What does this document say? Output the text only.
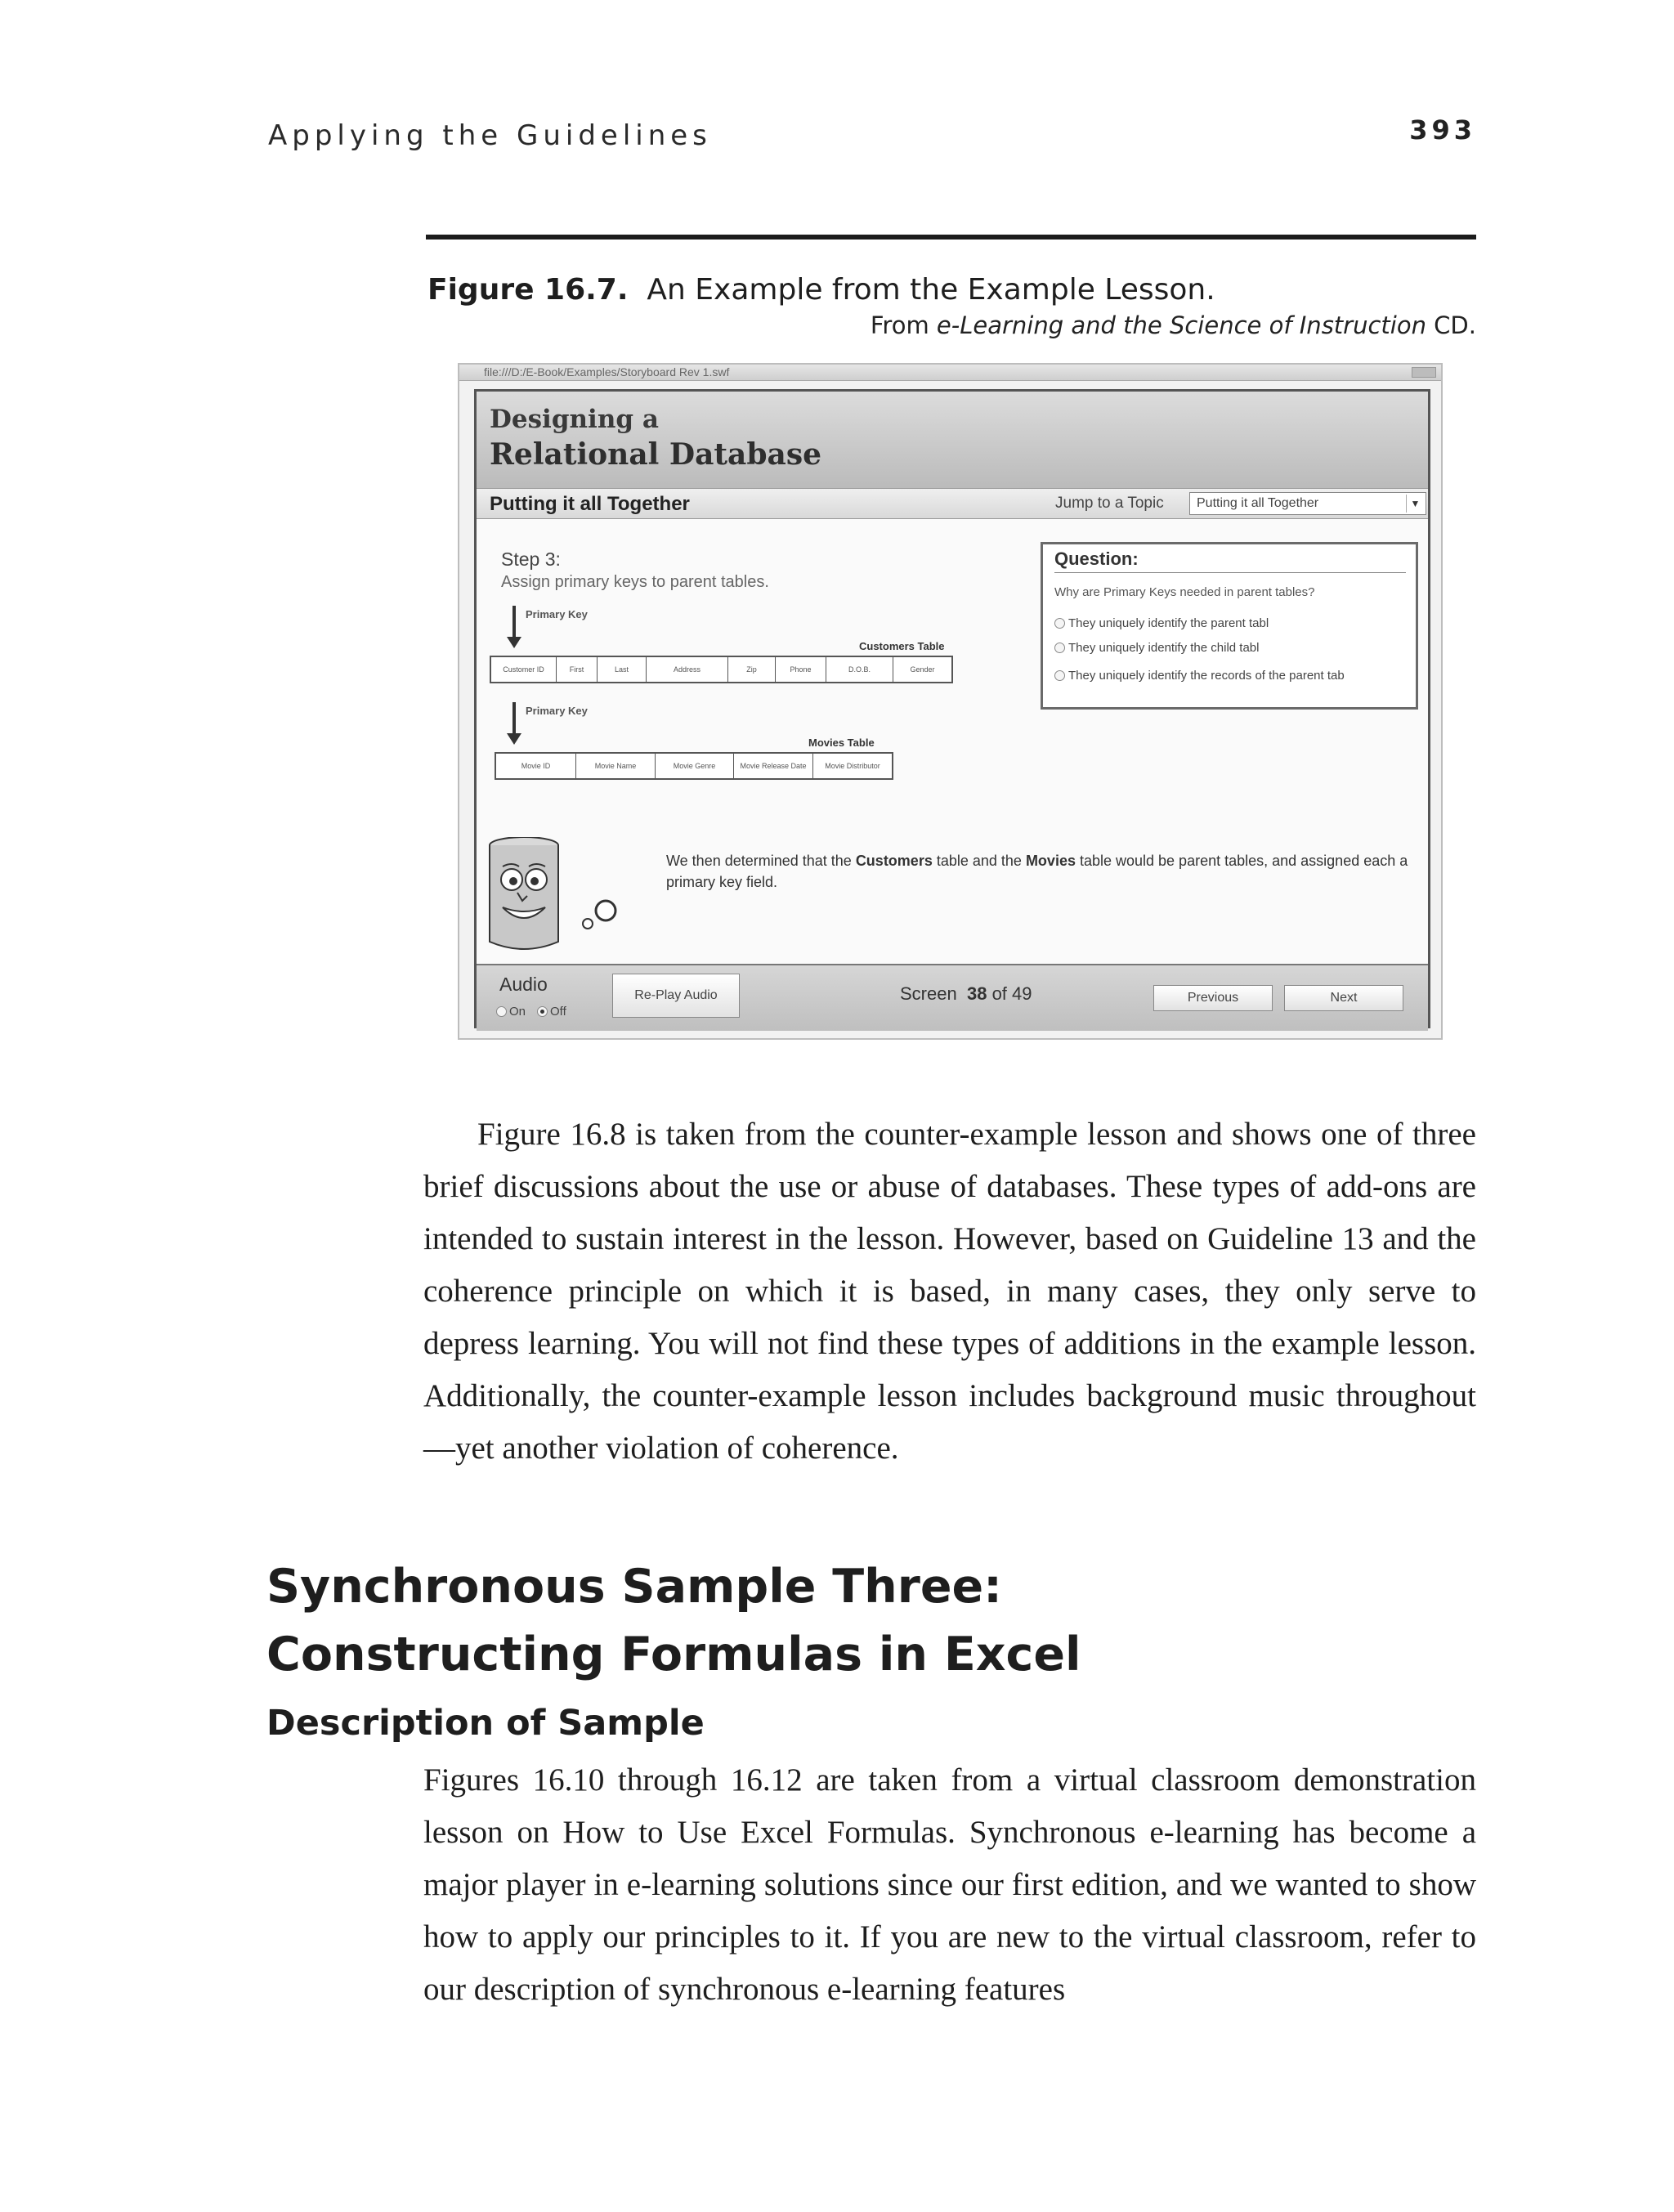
Applying the Guidelines	393
Figure 16.7. An Example from the Example Lesson.
From e-Learning and the Science of Instruction CD.
file:///D:/E-Book/Examples/Storyboard Rev 1.swf
Designing a
Relational Database
Putting it all Together	Jump to a Topic	Putting it all Together	▼
Step 3:
Assign primary keys to parent tables.
Primary Key
Customers Table
Customer ID	First	Last	Address	Zip	Phone	D.O.B.	Gender
Primary Key
Movies Table
Movie ID	Movie Name	Movie Genre	Movie Release Date	Movie Distributor
Question:
Why are Primary Keys needed in parent tables?
They uniquely identify the parent tabl
They uniquely identify the child tabl
They uniquely identify the records of the parent tab
We then determined that the Customers table and the Movies table would be parent tables, and assigned each a primary key field.
Audio
On Off
Re-Play Audio	Screen 38 of 49	Previous	Next

Figure 16.8 is taken from the counter-example lesson and shows one of three brief discussions about the use or abuse of databases. These types of add-ons are intended to sustain interest in the lesson. However, based on Guideline 13 and the coherence principle on which it is based, in many cases, they only serve to depress learning. You will not find these types of additions in the example lesson. Additionally, the counter-example lesson includes background music throughout—yet another violation of coherence.

Synchronous Sample Three: Constructing Formulas in Excel
Description of Sample

Figures 16.10 through 16.12 are taken from a virtual classroom demonstration lesson on How to Use Excel Formulas. Synchronous e-learning has become a major player in e-learning solutions since our first edition, and we wanted to show how to apply our principles to it. If you are new to the virtual classroom, refer to our description of synchronous e-learning features
